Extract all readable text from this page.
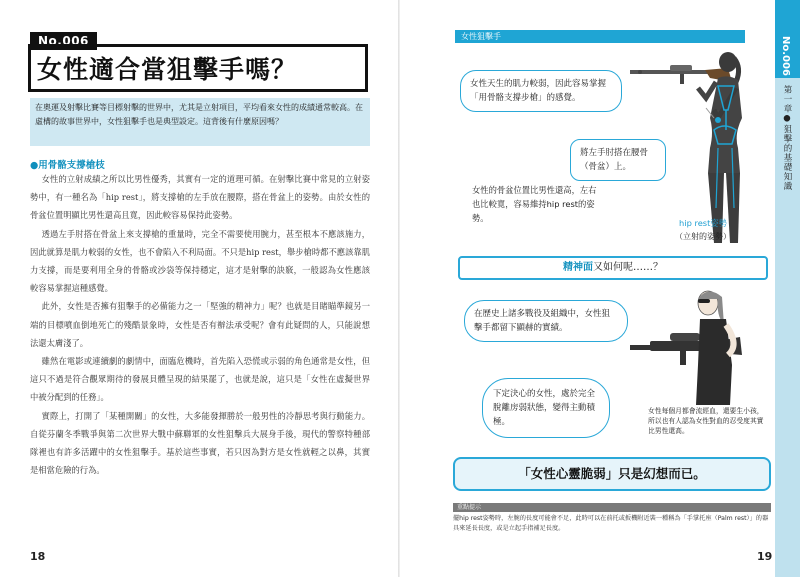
No.006
女性適合當狙擊手嗎？
在奧運及射擊比賽等目標射擊的世界中，尤其是立射項目，平均看來女性的成績通常較高。在虛構的故事世界中，女性狙擊手也是典型設定。這背後有什麼原因嗎？
●用骨骼支撐槍枝

女性的立射成績之所以比男性優秀，其實有一定的道理可循。在射擊比賽中常見的立射姿勢中，有一種名為「hip rest」，將支撐槍的左手放在腰際，搭在骨盆上的姿勢。由於女性的骨盆位置明顯比男性還高且寬，因此較容易保持此姿勢。

透過左手肘搭在骨盆上來支撐槍的重量時，完全不需要使用腕力，甚至根本不應該施力，因此就算是肌力較弱的女性，也不會陷入不利局面。不只是hip rest，舉步槍時都不應該靠肌力支撐，而是要利用全身的骨骼或沙袋等保持穩定，這才是射擊的訣竅，一般認為女性應該較容易掌握這種感覺。

此外，女性是否擁有狙擊手的必備能力之一「堅強的精神力」呢？也就是目睹瞄準鏡另一端的目標噴血倒地死亡的殘酷景象時，女性是否有辦法承受呢？會有此疑問的人，只能說想法還太膚淺了。

雖然在電影或連續劇的劇情中，面臨危機時，首先陷入恐慌或示弱的角色通常是女性，但這只不過是符合觀眾期待的發展貝體呈現的結果罷了，也就是說，這只是「女性在虛擬世界中被分配到的任務」。

實際上，打開了「某種開關」的女性，大多能發揮勝於一般男性的冷靜思考與行動能力。自從芬蘭冬季戰爭與第二次世界大戰中蘇聯軍的女性狙擊兵大展身手後，現代的警察特種部隊裡也有許多活躍中的女性狙擊手。基於這些事實，若只因為對方是女性就輕之以鼻，其實是相當危險的行為。

18
女性狙擊手
女性天生的肌力較弱，因此容易掌握「用骨骼支撐步槍」的感覺。
將左手肘搭在腰骨（骨盆）上。
女性的骨盆位置比男性還高，左右也比較寬，容易維持hip rest的姿勢。	hip rest姿勢
（立射的姿勢）
精神面又如何呢……？
在歷史上諸多戰役及組織中，女性狙擊手都留下顯赫的實績。
下定決心的女性，處於完全脫離房弱狀態，變得主動積極。
女性每個月都會流經血，還要生小孩，所以也有人認為女性對血的忍受度其實比男性還高。
「女性心靈脆弱」只是幻想而已。
重點提示
擺hip rest姿勢時，左腕的長度可能會不足，此時可以在前托或扳機附近裝一種稱為「手掌托座（Palm rest）」的器具來延長長度，或是立起手指補足長度。
19
No.006
第一章●狙擊的基礎知識
